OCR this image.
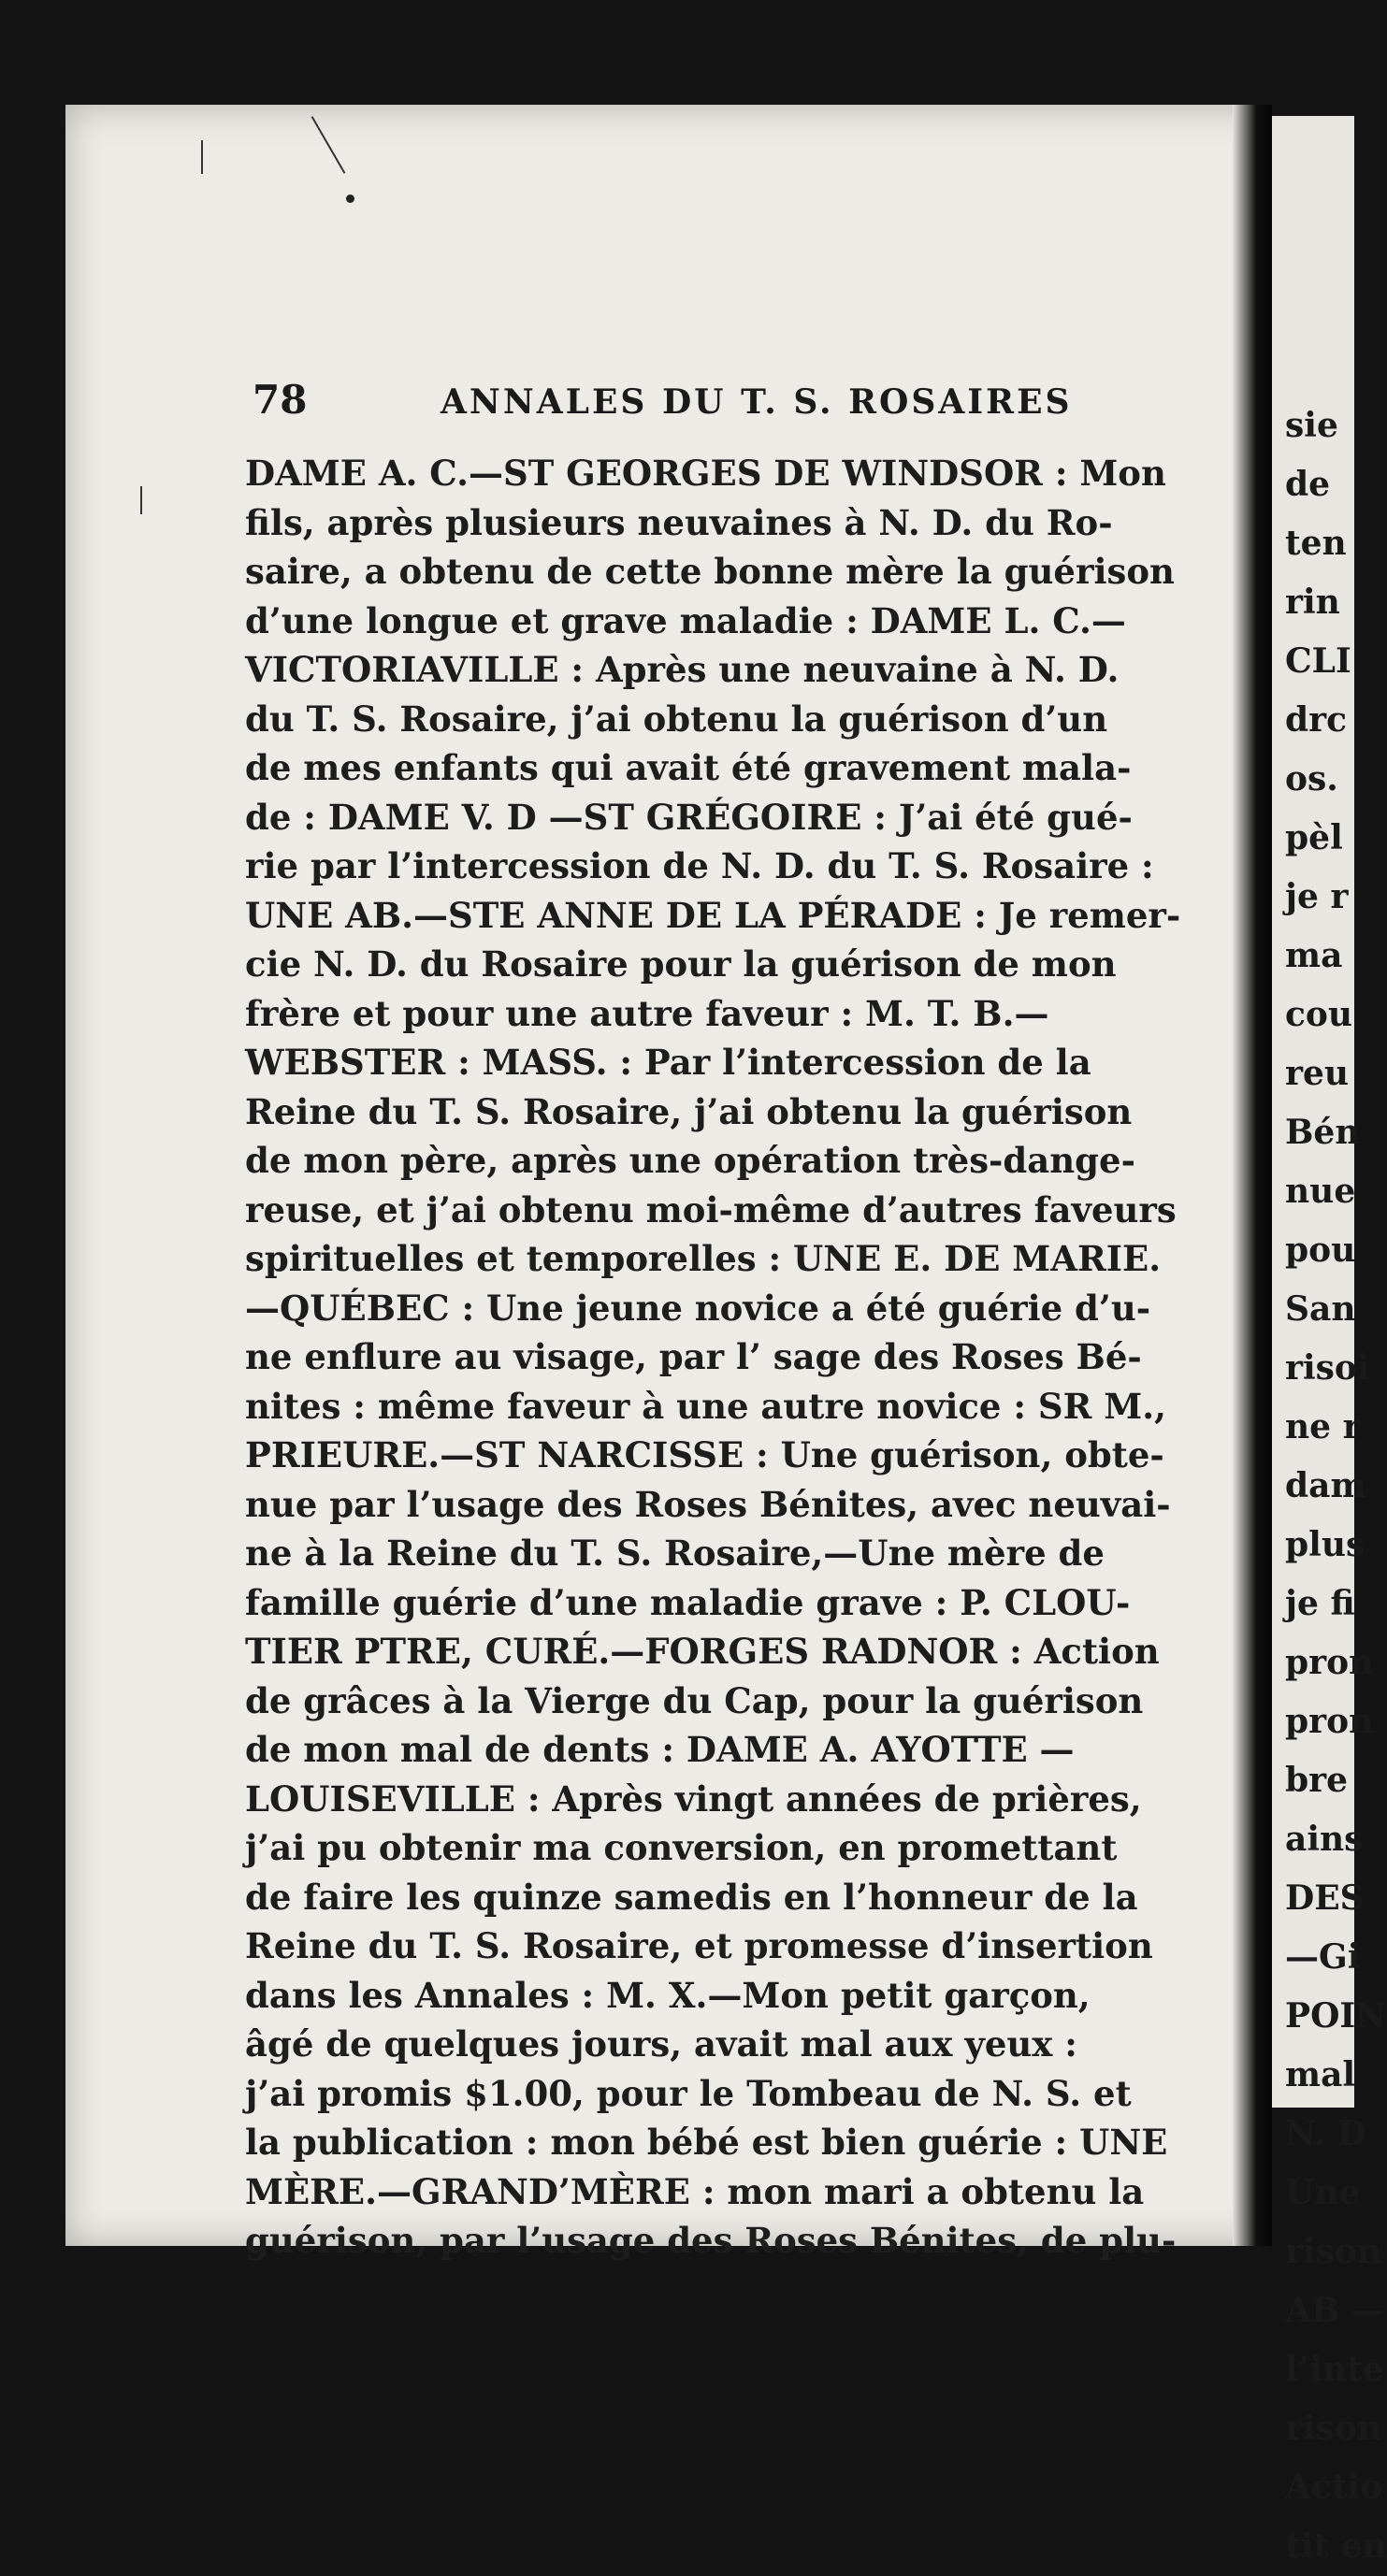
78	ANNALES DU T. S. ROSAIRES
DAME A. C.—ST GEORGES DE WINDSOR : Mon
fils, après plusieurs neuvaines à N. D. du Ro-
saire, a obtenu de cette bonne mère la guérison
d’une longue et grave maladie : DAME L. C.—
VICTORIAVILLE : Après une neuvaine à N. D.
du T. S. Rosaire, j’ai obtenu la guérison d’un
de mes enfants qui avait été gravement mala-
de : DAME V. D —ST GRÉGOIRE : J’ai été gué-
rie par l’intercession de N. D. du T. S. Rosaire :
UNE AB.—STE ANNE DE LA PÉRADE : Je remer-
cie N. D. du Rosaire pour la guérison de mon
frère et pour une autre faveur : M. T. B.—
WEBSTER : MASS. : Par l’intercession de la
Reine du T. S. Rosaire, j’ai obtenu la guérison
de mon père, après une opération très-dange-
reuse, et j’ai obtenu moi-même d’autres faveurs
spirituelles et temporelles : UNE E. DE MARIE.
—QUÉBEC : Une jeune novice a été guérie d’u-
ne enflure au visage, par l’ sage des Roses Bé-
nites : même faveur à une autre novice : SR M.,
PRIEURE.—ST NARCISSE : Une guérison, obte-
nue par l’usage des Roses Bénites, avec neuvai-
ne à la Reine du T. S. Rosaire,—Une mère de
famille guérie d’une maladie grave : P. CLOU-
TIER PTRE, CURÉ.—FORGES RADNOR : Action
de grâces à la Vierge du Cap, pour la guérison
de mon mal de dents : DAME A. AYOTTE —
LOUISEVILLE : Après vingt années de prières,
j’ai pu obtenir ma conversion, en promettant
de faire les quinze samedis en l’honneur de la
Reine du T. S. Rosaire, et promesse d’insertion
dans les Annales : M. X.—Mon petit garçon,
âgé de quelques jours, avait mal aux yeux :
j’ai promis $1.00, pour le Tombeau de N. S. et
la publication : mon bébé est bien guérie : UNE
MÈRE.—GRAND’MÈRE : mon mari a obtenu la
guérison, par l’usage des Roses Bénites, de plu-
sie
de
ten
rin
CLI
drc
os.
pèl
je r
ma
cou
reu
Bén
nue
pou
San
risoi
ne r
dam
plus
je fi
pron
pron
bre
ains
DES
—Gi
POIN
mal
N. D
Une
rison
AB —
l’inte
rison
Actio
tit en
